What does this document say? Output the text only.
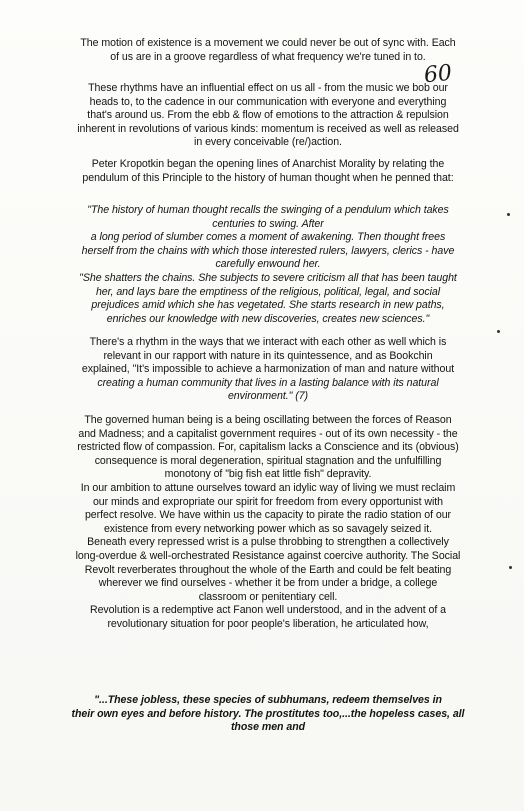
60
The motion of existence is a movement we could never be out of sync with. Each
of us are in a groove regardless of what frequency we're tuned in to.
These rhythms have an influential effect on us all - from the music we bob our
heads to, to the cadence in our communication with everyone and everything
that's around us. From the ebb & flow of emotions to the attraction & repulsion
inherent in revolutions of various kinds: momentum is received as well as released
in every conceivable (re/)action.
Peter Kropotkin began the opening lines of Anarchist Morality by relating the
pendulum of this Principle to the history of human thought when he penned that:
"The history of human thought recalls the swinging of a pendulum which takes
centuries to swing. After
a long period of slumber comes a moment of awakening. Then thought frees
herself from the chains with which those interested rulers, lawyers, clerics - have
carefully enwound her.
"She shatters the chains. She subjects to severe criticism all that has been taught
her, and lays bare the emptiness of the religious, political, legal, and social
prejudices amid which she has vegetated. She starts research in new paths,
enriches our knowledge with new discoveries, creates new sciences."
There's a rhythm in the ways that we interact with each other as well which is
relevant in our rapport with nature in its quintessence, and as Bookchin
explained, "It's impossible to achieve a harmonization of man and nature without
creating a human community that lives in a lasting balance with its natural
environment." (7)
The governed human being is a being oscillating between the forces of Reason
and Madness; and a capitalist government requires - out of its own necessity - the
restricted flow of compassion. For, capitalism lacks a Conscience and its (obvious)
consequence is moral degeneration, spiritual stagnation and the unfulfilling
monotony of "big fish eat little fish" depravity.
In our ambition to attune ourselves toward an idylic way of living we must reclaim
our minds and expropriate our spirit for freedom from every opportunist with
perfect resolve. We have within us the capacity to pirate the radio station of our
existence from every networking power which as so savagely seized it.
Beneath every repressed wrist is a pulse throbbing to strengthen a collectively
long-overdue & well-orchestrated Resistance against coercive authority. The Social
Revolt reverberates throughout the whole of the Earth and could be felt beating
wherever we find ourselves - whether it be from under a bridge, a college
classroom or penitentiary cell.
Revolution is a redemptive act Fanon well understood, and in the advent of a
revolutionary situation for poor people's liberation, he articulated how,
"...These jobless, these species of subhumans, redeem themselves in
their own eyes and before history. The prostitutes too,...the hopeless cases, all
those men and
